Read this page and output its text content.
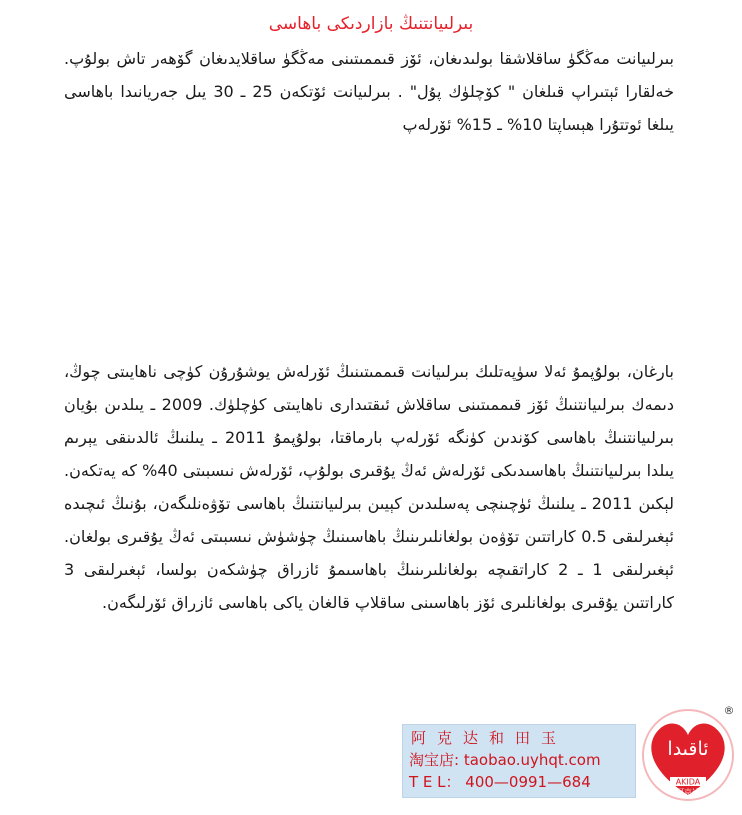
بىرلىيانتنىڭ بازاردىكى باھاسى

بىرلىيانت مەڭگۈ ساقلاشقا بولىدىغان، ئۆز قىممىتىنى مەڭگۈ ساقلايدىغان گۆھەر تاش بولۇپ. خەلقارا ئېتىراپ قىلغان " كۆچلۈك پۇل" . بىرلىيانت ئۆتكەن 25 ـ 30 يىل جەريانىدا باھاسى يىلغا ئوتتۇرا ھېساپتا 10% ـ 15% ئۆرلەپ

بارغان، بولۇپمۇ ئەلا سۈپەتلىك بىرلىيانت قىممىتىنىڭ ئۆرلەش يوشۇرۇن كۈچى ناھايىتى چوڭ، دىمەك بىرلىيانتنىڭ ئۆز قىممىتىنى ساقلاش ئىقتىدارى ناھايىتى كۈچلۈك. 2009 ـ يىلدىن بۇيان بىرلىيانتنىڭ باھاسى كۆندىن كۈنگە ئۆرلەپ بارماقتا، بولۇپمۇ 2011 ـ يىلنىڭ ئالدىنقى يېرىم يىلدا بىرلىيانتنىڭ باھاسىدىكى ئۆرلەش ئەڭ يۇقىرى بولۇپ، ئۆرلەش نىسبىتى 40% كە يەتكەن. لېكىن 2011 ـ يىلنىڭ ئۈچىنچى پەسلىدىن كېيىن بىرلىيانتنىڭ باھاسى تۆۋەنلىگەن، بۇنىڭ ئىچىدە ئېغىرلىقى 0.5 كاراتتىن تۆۋەن بولغانلىرىنىڭ باھاسىنىڭ چۈشۈش نىسبىتى ئەڭ يۇقىرى بولغان. ئېغىرلىقى 1 ـ 2 كاراتقىچە بولغانلىرىنىڭ باھاسىمۇ ئازراق چۈشكەن بولسا، ئېغىرلىقى 3 كاراتتىن يۇقىرى بولغانلىرى ئۆز باھاسىنى ساقلاپ قالغان ياكى باھاسى ئازراق ئۆرلىگەن.

阿克达和田玉
淘宝店: taobao.uyhqt.com
T E L： 400—0991—684
ئاقىدا
AKIDA
阿克达
®
